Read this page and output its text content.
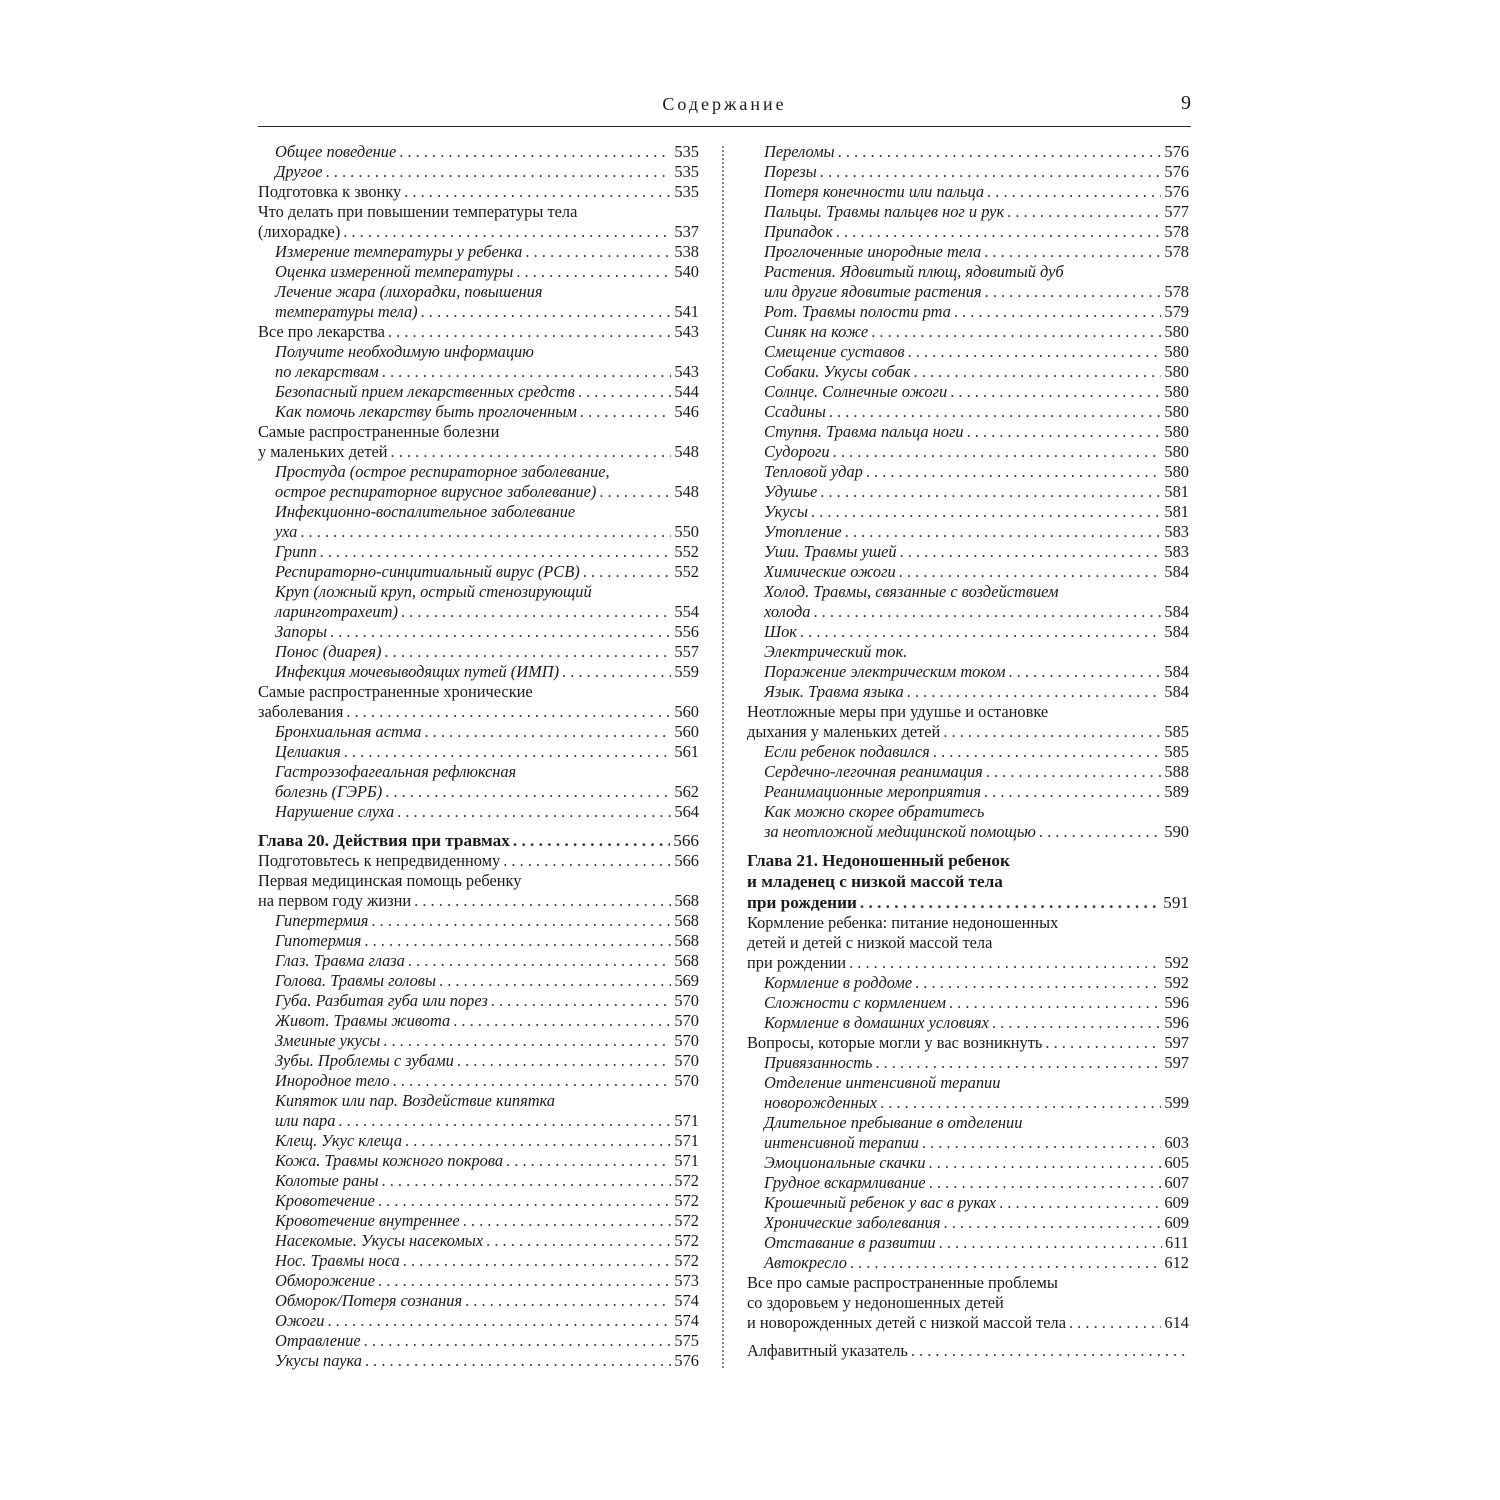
Содержание	9
Общее поведение . . .	535
Другое . . .	535
Подготовка к звонку . . .	535
Что делать при повышении температуры тела
(лихорадке) . . .	537
Измерение температуры у ребенка . . .	538
Оценка измеренной температуры . . .	540
Лечение жара (лихорадки, повышения
температуры тела) . . .	541
Все про лекарства . . .	543
Получите необходимую информацию
по лекарствам . . .	543
Безопасный прием лекарственных средств . . .	544
Как помочь лекарству быть проглоченным . . .	546
Самые распространенные болезни
у маленьких детей . . .	548
Простуда (острое респираторное заболевание,
острое респираторное вирусное заболевание) . . .	548
Инфекционно-воспалительное заболевание
уха . . .	550
Грипп . . .	552
Респираторно-синцитиальный вирус (РСВ) . . .	552
Круп (ложный круп, острый стенозирующий
ларинготрахеит) . . .	554
Запоры . . .	556
Понос (диарея) . . .	557
Инфекция мочевыводящих путей (ИМП) . . .	559
Самые распространенные хронические
заболевания . . .	560
Бронхиальная астма . . .	560
Целиакия . . .	561
Гастроэзофагеальная рефлюксная
болезнь (ГЭРБ) . . .	562
Нарушение слуха . . .	564
Глава 20. Действия при травмах . . .	566
Подготовьтесь к непредвиденному . . .	566
Первая медицинская помощь ребенку
на первом году жизни . . .	568
Гипертермия . . .	568
Гипотермия . . .	568
Глаз. Травма глаза . . .	568
Голова. Травмы головы . . .	569
Губа. Разбитая губа или порез . . .	570
Живот. Травмы живота . . .	570
Змеиные укусы . . .	570
Зубы. Проблемы с зубами . . .	570
Инородное тело . . .	570
Кипяток или пар. Воздействие кипятка
или пара . . .	571
Клещ. Укус клеща . . .	571
Кожа. Травмы кожного покрова . . .	571
Колотые раны . . .	572
Кровотечение . . .	572
Кровотечение внутреннее . . .	572
Насекомые. Укусы насекомых . . .	572
Нос. Травмы носа . . .	572
Обморожение . . .	573
Обморок/Потеря сознания . . .	574
Ожоги . . .	574
Отравление . . .	575
Укусы паука . . .	576
Переломы . . .	576
Порезы . . .	576
Потеря конечности или пальца . . .	576
Пальцы. Травмы пальцев ног и рук . . .	577
Припадок . . .	578
Проглоченные инородные тела . . .	578
Растения. Ядовитый плющ, ядовитый дуб
или другие ядовитые растения . . .	578
Рот. Травмы полости рта . . .	579
Синяк на коже . . .	580
Смещение суставов . . .	580
Собаки. Укусы собак . . .	580
Солнце. Солнечные ожоги . . .	580
Ссадины . . .	580
Ступня. Травма пальца ноги . . .	580
Судороги . . .	580
Тепловой удар . . .	580
Удушье . . .	581
Укусы . . .	581
Утопление . . .	583
Уши. Травмы ушей . . .	583
Химические ожоги . . .	584
Холод. Травмы, связанные с воздействием
холода . . .	584
Шок . . .	584
Электрический ток.
Поражение электрическим током . . .	584
Язык. Травма языка . . .	584
Неотложные меры при удушье и остановке
дыхания у маленьких детей . . .	585
Если ребенок подавился . . .	585
Сердечно-легочная реанимация . . .	588
Реанимационные мероприятия . . .	589
Как можно скорее обратитесь
за неотложной медицинской помощью . . .	590
Глава 21. Недоношенный ребенок
и младенец с низкой массой тела
при рождении . . .	591
Кормление ребенка: питание недоношенных
детей и детей с низкой массой тела
при рождении . . .	592
Кормление в роддоме . . .	592
Сложности с кормлением . . .	596
Кормление в домашних условиях . . .	596
Вопросы, которые могли у вас возникнуть . . .	597
Привязанность . . .	597
Отделение интенсивной терапии
новорожденных . . .	599
Длительное пребывание в отделении
интенсивной терапии . . .	603
Эмоциональные скачки . . .	605
Грудное вскармливание . . .	607
Крошечный ребенок у вас в руках . . .	609
Хронические заболевания . . .	609
Отставание в развитии . . .	611
Автокресло . . .	612
Все про самые распространенные проблемы
со здоровьем у недоношенных детей
и новорожденных детей с низкой массой тела . . .	614
Алфавитный указатель
. . .
